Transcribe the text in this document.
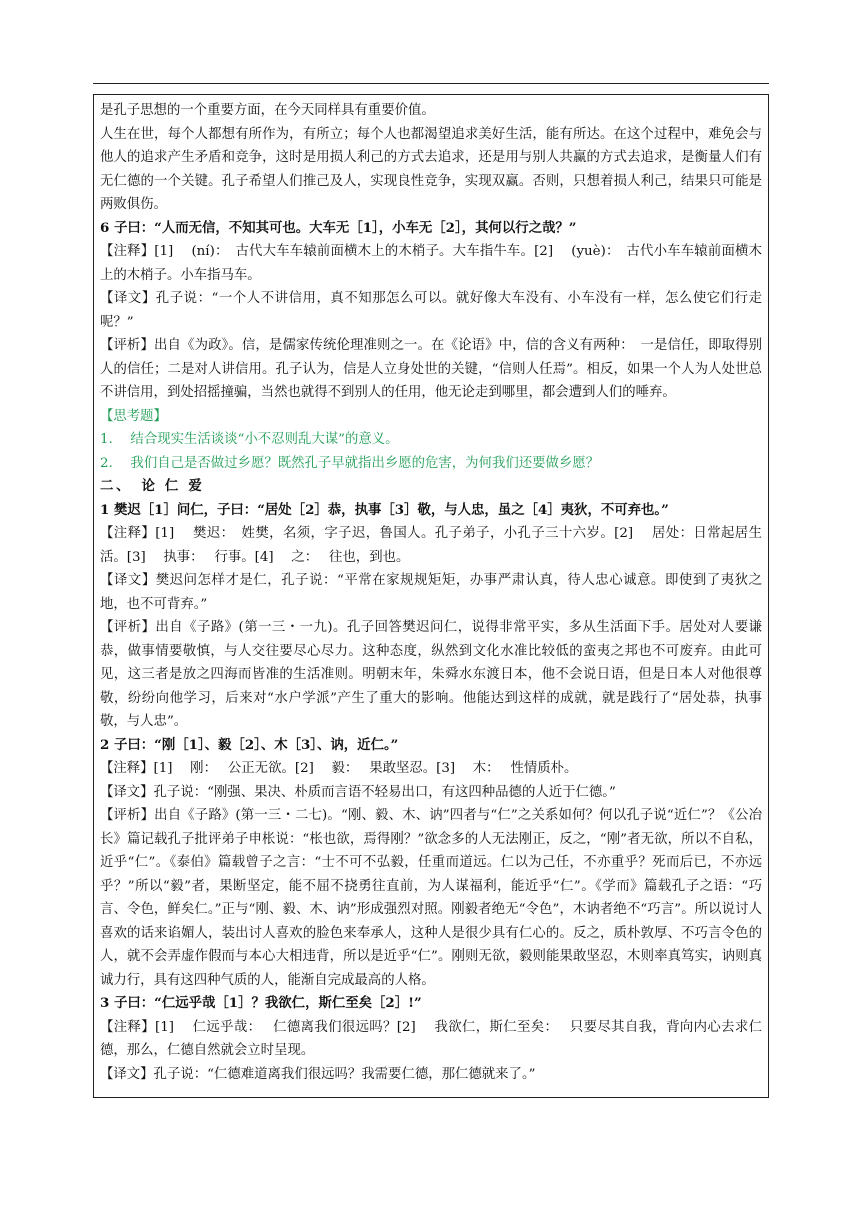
是孔子思想的一个重要方面，在今天同样具有重要价值。

人生在世，每个人都想有所作为，有所立；每个人也都渴望追求美好生活，能有所达。在这个过程中，难免会与他人的追求产生矛盾和竞争，这时是用损人利己的方式去追求，还是用与别人共赢的方式去追求，是衡量人们有无仁德的一个关键。孔子希望人们推己及人，实现良性竞争，实现双赢。否则，只想着损人利己，结果只可能是两败俱伤。

6 子曰：“人而无信，不知其可也。大车无［1］，小车无［2］，其何以行之哉？”

【注释】[1]　 (ní)：　古代大车车辕前面横木上的木梢子。大车指牛车。[2]　 (yuè)：　古代小车车辕前面横木上的木梢子。小车指马车。

【译文】孔子说：“一个人不讲信用，真不知那怎么可以。就好像大车没有、小车没有一样，怎么使它们行走呢？”

【评析】出自《为政》。信，是儒家传统伦理准则之一。在《论语》中，信的含义有两种：　一是信任，即取得别人的信任；二是对人讲信用。孔子认为，信是人立身处世的关键，“信则人任焉”。相反，如果一个人为人处世总不讲信用，到处招摇撞骗，当然也就得不到别人的任用，他无论走到哪里，都会遭到人们的唾弃。

【思考题】

1.　 结合现实生活谈谈“小不忍则乱大谋”的意义。

2.　 我们自己是否做过乡愿？既然孔子早就指出乡愿的危害，为何我们还要做乡愿？

二、　论 仁 爱

1 樊迟［1］问仁，子曰：“居处［2］恭，执事［3］敬，与人忠，虽之［4］夷狄，不可弃也。”

【注释】[1]　 樊迟：　姓樊，名须，字子迟，鲁国人。孔子弟子，小孔子三十六岁。[2]　 居处：日常起居生活。[3]　 执事：　 行事。[4]　 之：　 往也，到也。

【译文】樊迟问怎样才是仁，孔子说：“平常在家规规矩矩，办事严肃认真，待人忠心诚意。即使到了夷狄之地，也不可背弃。”

【评析】出自《子路》(第一三・一九)。孔子回答樊迟问仁，说得非常平实，多从生活面下手。居处对人要谦恭，做事情要敬慎，与人交往要尽心尽力。这种态度，纵然到文化水准比较低的蛮夷之邦也不可废弃。由此可见，这三者是放之四海而皆准的生活准则。明朝末年，朱舜水东渡日本，他不会说日语，但是日本人对他很尊敬，纷纷向他学习，后来对“水户学派”产生了重大的影响。他能达到这样的成就，就是践行了“居处恭，执事敬，与人忠”。

2 子曰：“刚［1］、毅［2］、木［3］、讷，近仁。”

【注释】[1]　 刚：　 公正无欲。[2]　 毅：　 果敢坚忍。[3]　 木：　 性情质朴。

【译文】孔子说：“刚强、果决、朴质而言语不轻易出口，有这四种品德的人近于仁德。”

【评析】出自《子路》(第一三・二七)。“刚、毅、木、讷”四者与“仁”之关系如何？何以孔子说“近仁”？《公冶长》篇记载孔子批评弟子申枨说：“枨也欲，焉得刚？”欲念多的人无法刚正，反之，“刚”者无欲，所以不自私，近乎“仁”。《泰伯》篇载曾子之言：“士不可不弘毅，任重而道远。仁以为己任，不亦重乎？死而后已，不亦远乎？”所以“毅”者，果断坚定，能不屈不挠勇往直前，为人谋福利，能近乎“仁”。《学而》篇载孔子之语：“巧言、令色，鲜矣仁。”正与“刚、毅、木、讷”形成强烈对照。刚毅者绝无“令色”，木讷者绝不“巧言”。所以说讨人喜欢的话来谄媚人，装出讨人喜欢的脸色来奉承人，这种人是很少具有仁心的。反之，质朴敦厚、不巧言令色的人，就不会弄虚作假而与本心大相违背，所以是近乎“仁”。刚则无欲，毅则能果敢坚忍，木则率真笃实，讷则真诚力行，具有这四种气质的人，能渐自完成最高的人格。

3 子曰：“仁远乎哉［1］？我欲仁，斯仁至矣［2］!”

【注释】[1]　 仁远乎哉：　 仁德离我们很远吗？[2]　 我欲仁，斯仁至矣：　 只要尽其自我，背向内心去求仁德，那么，仁德自然就会立时呈现。

【译文】孔子说：“仁德难道离我们很远吗？我需要仁德，那仁德就来了。”
